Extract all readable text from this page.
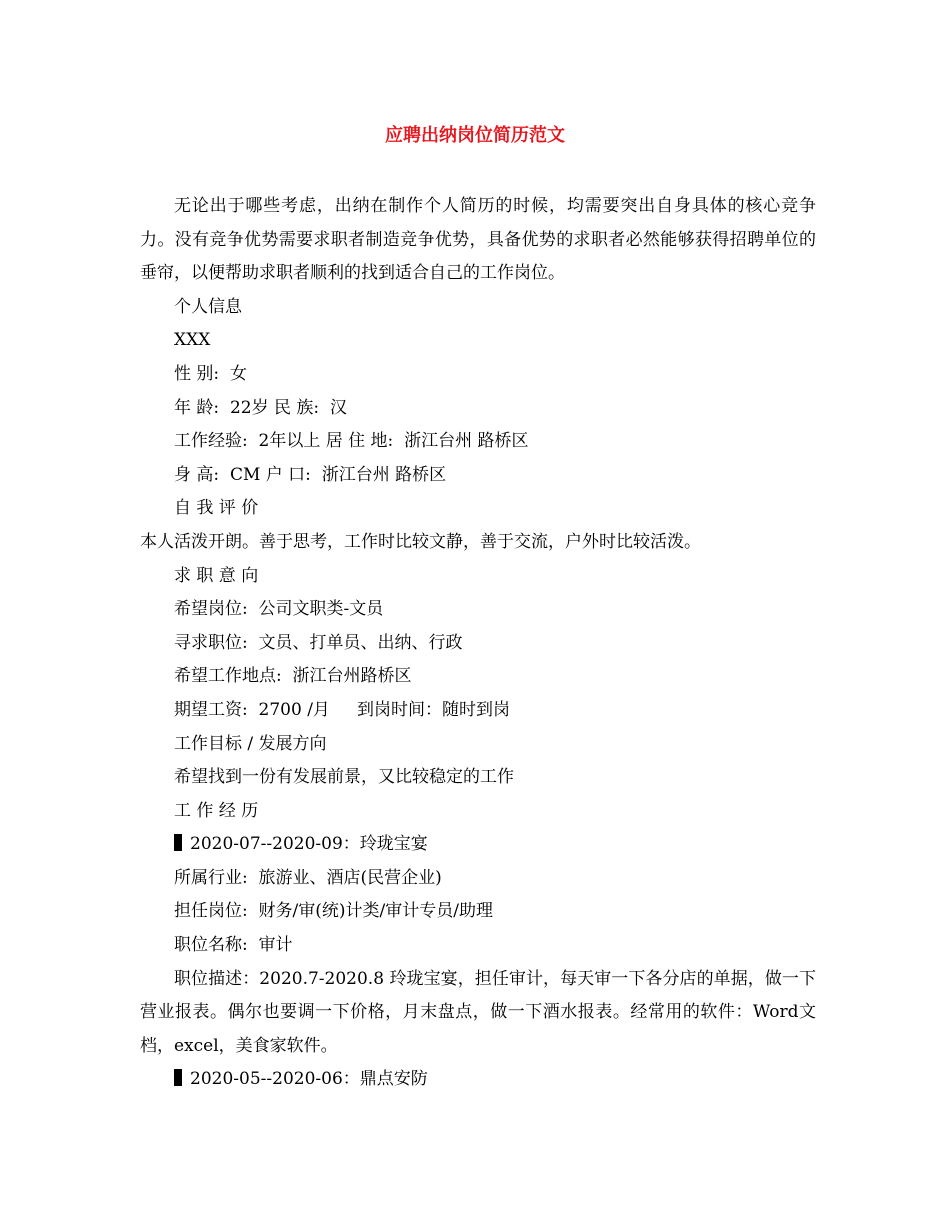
应聘出纳岗位简历范文

无论出于哪些考虑，出纳在制作个人简历的时候，均需要突出自身具体的核心竞争力。没有竞争优势需要求职者制造竞争优势，具备优势的求职者必然能够获得招聘单位的垂帘，以便帮助求职者顺利的找到适合自己的工作岗位。

个人信息

XXX

性 别:  女

年 龄:  22岁 民 族:  汉

工作经验:  2年以上 居 住 地:  浙江台州 路桥区

身 高:  CM 户 口:  浙江台州 路桥区

自 我 评 价

本人活泼开朗。善于思考，工作时比较文静，善于交流，户外时比较活泼。

求 职 意 向

希望岗位:  公司文职类-文员

寻求职位:  文员、打单员、出纳、行政

希望工作地点:  浙江台州路桥区

期望工资:  2700 /月     到岗时间：随时到岗

工作目标 / 发展方向

希望找到一份有发展前景，又比较稳定的工作

工 作 经 历

2020-07--2020-09：玲珑宝宴

所属行业:  旅游业、酒店(民营企业)

担任岗位:  财务/审(统)计类/审计专员/助理

职位名称:  审计

职位描述：2020.7-2020.8 玲珑宝宴，担任审计，每天审一下各分店的单据，做一下营业报表。偶尔也要调一下价格，月末盘点，做一下酒水报表。经常用的软件：Word文档，excel，美食家软件。

2020-05--2020-06：鼎点安防
